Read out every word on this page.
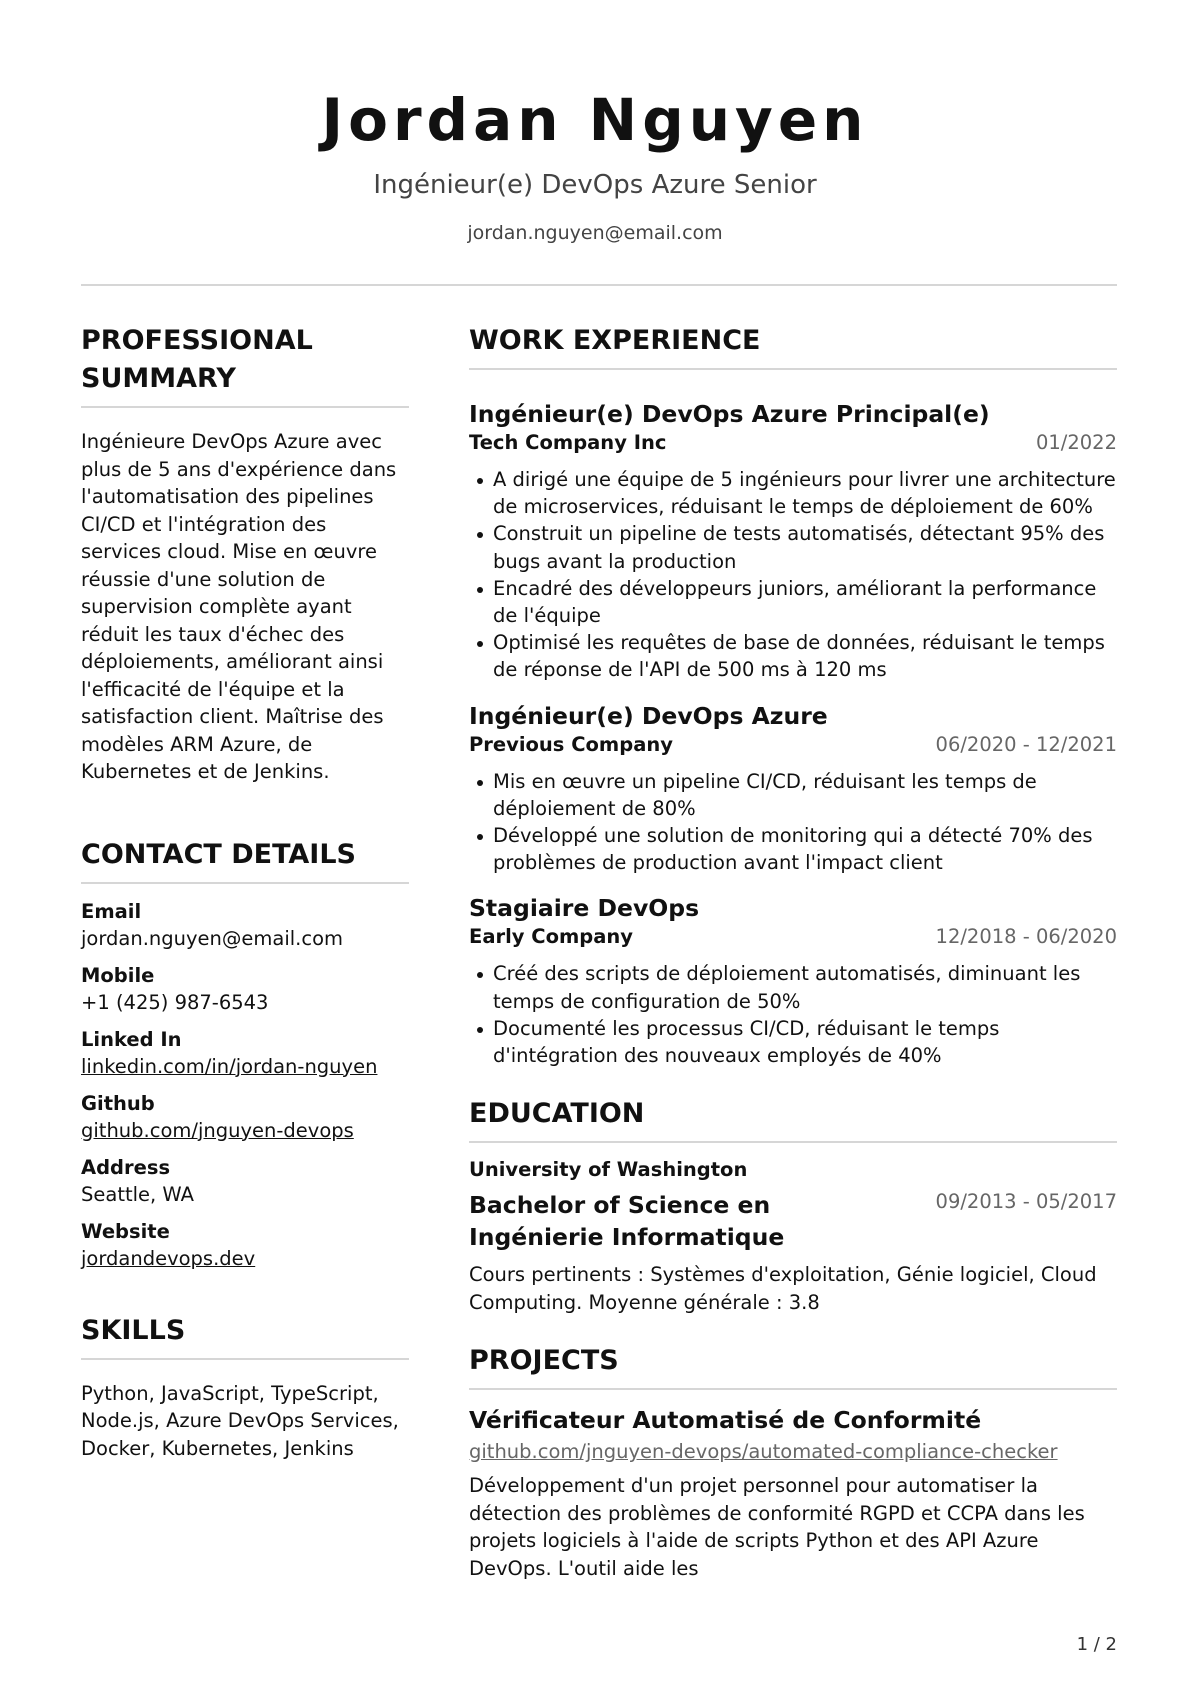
Jordan Nguyen
Ingénieur(e) DevOps Azure Senior
jordan.nguyen@email.com
PROFESSIONAL
SUMMARY
Ingénieure DevOps Azure avec plus de 5 ans d'expérience dans l'automatisation des pipelines CI/CD et l'intégration des services cloud. Mise en œuvre réussie d'une solution de supervision complète ayant réduit les taux d'échec des déploiements, améliorant ainsi l'efficacité de l'équipe et la satisfaction client. Maîtrise des modèles ARM Azure, de Kubernetes et de Jenkins.
CONTACT DETAILS
Email
jordan.nguyen@email.com
Mobile
+1 (425) 987-6543
Linked In
linkedin.com/in/jordan-nguyen
Github
github.com/jnguyen-devops
Address
Seattle, WA
Website
jordandevops.dev
SKILLS
Python, JavaScript, TypeScript, Node.js, Azure DevOps Services, Docker, Kubernetes, Jenkins
WORK EXPERIENCE
Ingénieur(e) DevOps Azure Principal(e)
Tech Company Inc	01/2022
A dirigé une équipe de 5 ingénieurs pour livrer une architecture de microservices, réduisant le temps de déploiement de 60%
Construit un pipeline de tests automatisés, détectant 95% des bugs avant la production
Encadré des développeurs juniors, améliorant la performance de l'équipe
Optimisé les requêtes de base de données, réduisant le temps de réponse de l'API de 500 ms à 120 ms
Ingénieur(e) DevOps Azure
Previous Company	06/2020 - 12/2021
Mis en œuvre un pipeline CI/CD, réduisant les temps de déploiement de 80%
Développé une solution de monitoring qui a détecté 70% des problèmes de production avant l'impact client
Stagiaire DevOps
Early Company	12/2018 - 06/2020
Créé des scripts de déploiement automatisés, diminuant les temps de configuration de 50%
Documenté les processus CI/CD, réduisant le temps d'intégration des nouveaux employés de 40%
EDUCATION
University of Washington
Bachelor of Science en Ingénierie Informatique
09/2013 - 05/2017
Cours pertinents : Systèmes d'exploitation, Génie logiciel, Cloud Computing. Moyenne générale : 3.8
PROJECTS
Vérificateur Automatisé de Conformité
github.com/jnguyen-devops/automated-compliance-checker
Développement d'un projet personnel pour automatiser la détection des problèmes de conformité RGPD et CCPA dans les projets logiciels à l'aide de scripts Python et des API Azure DevOps. L'outil aide les
1 / 2
